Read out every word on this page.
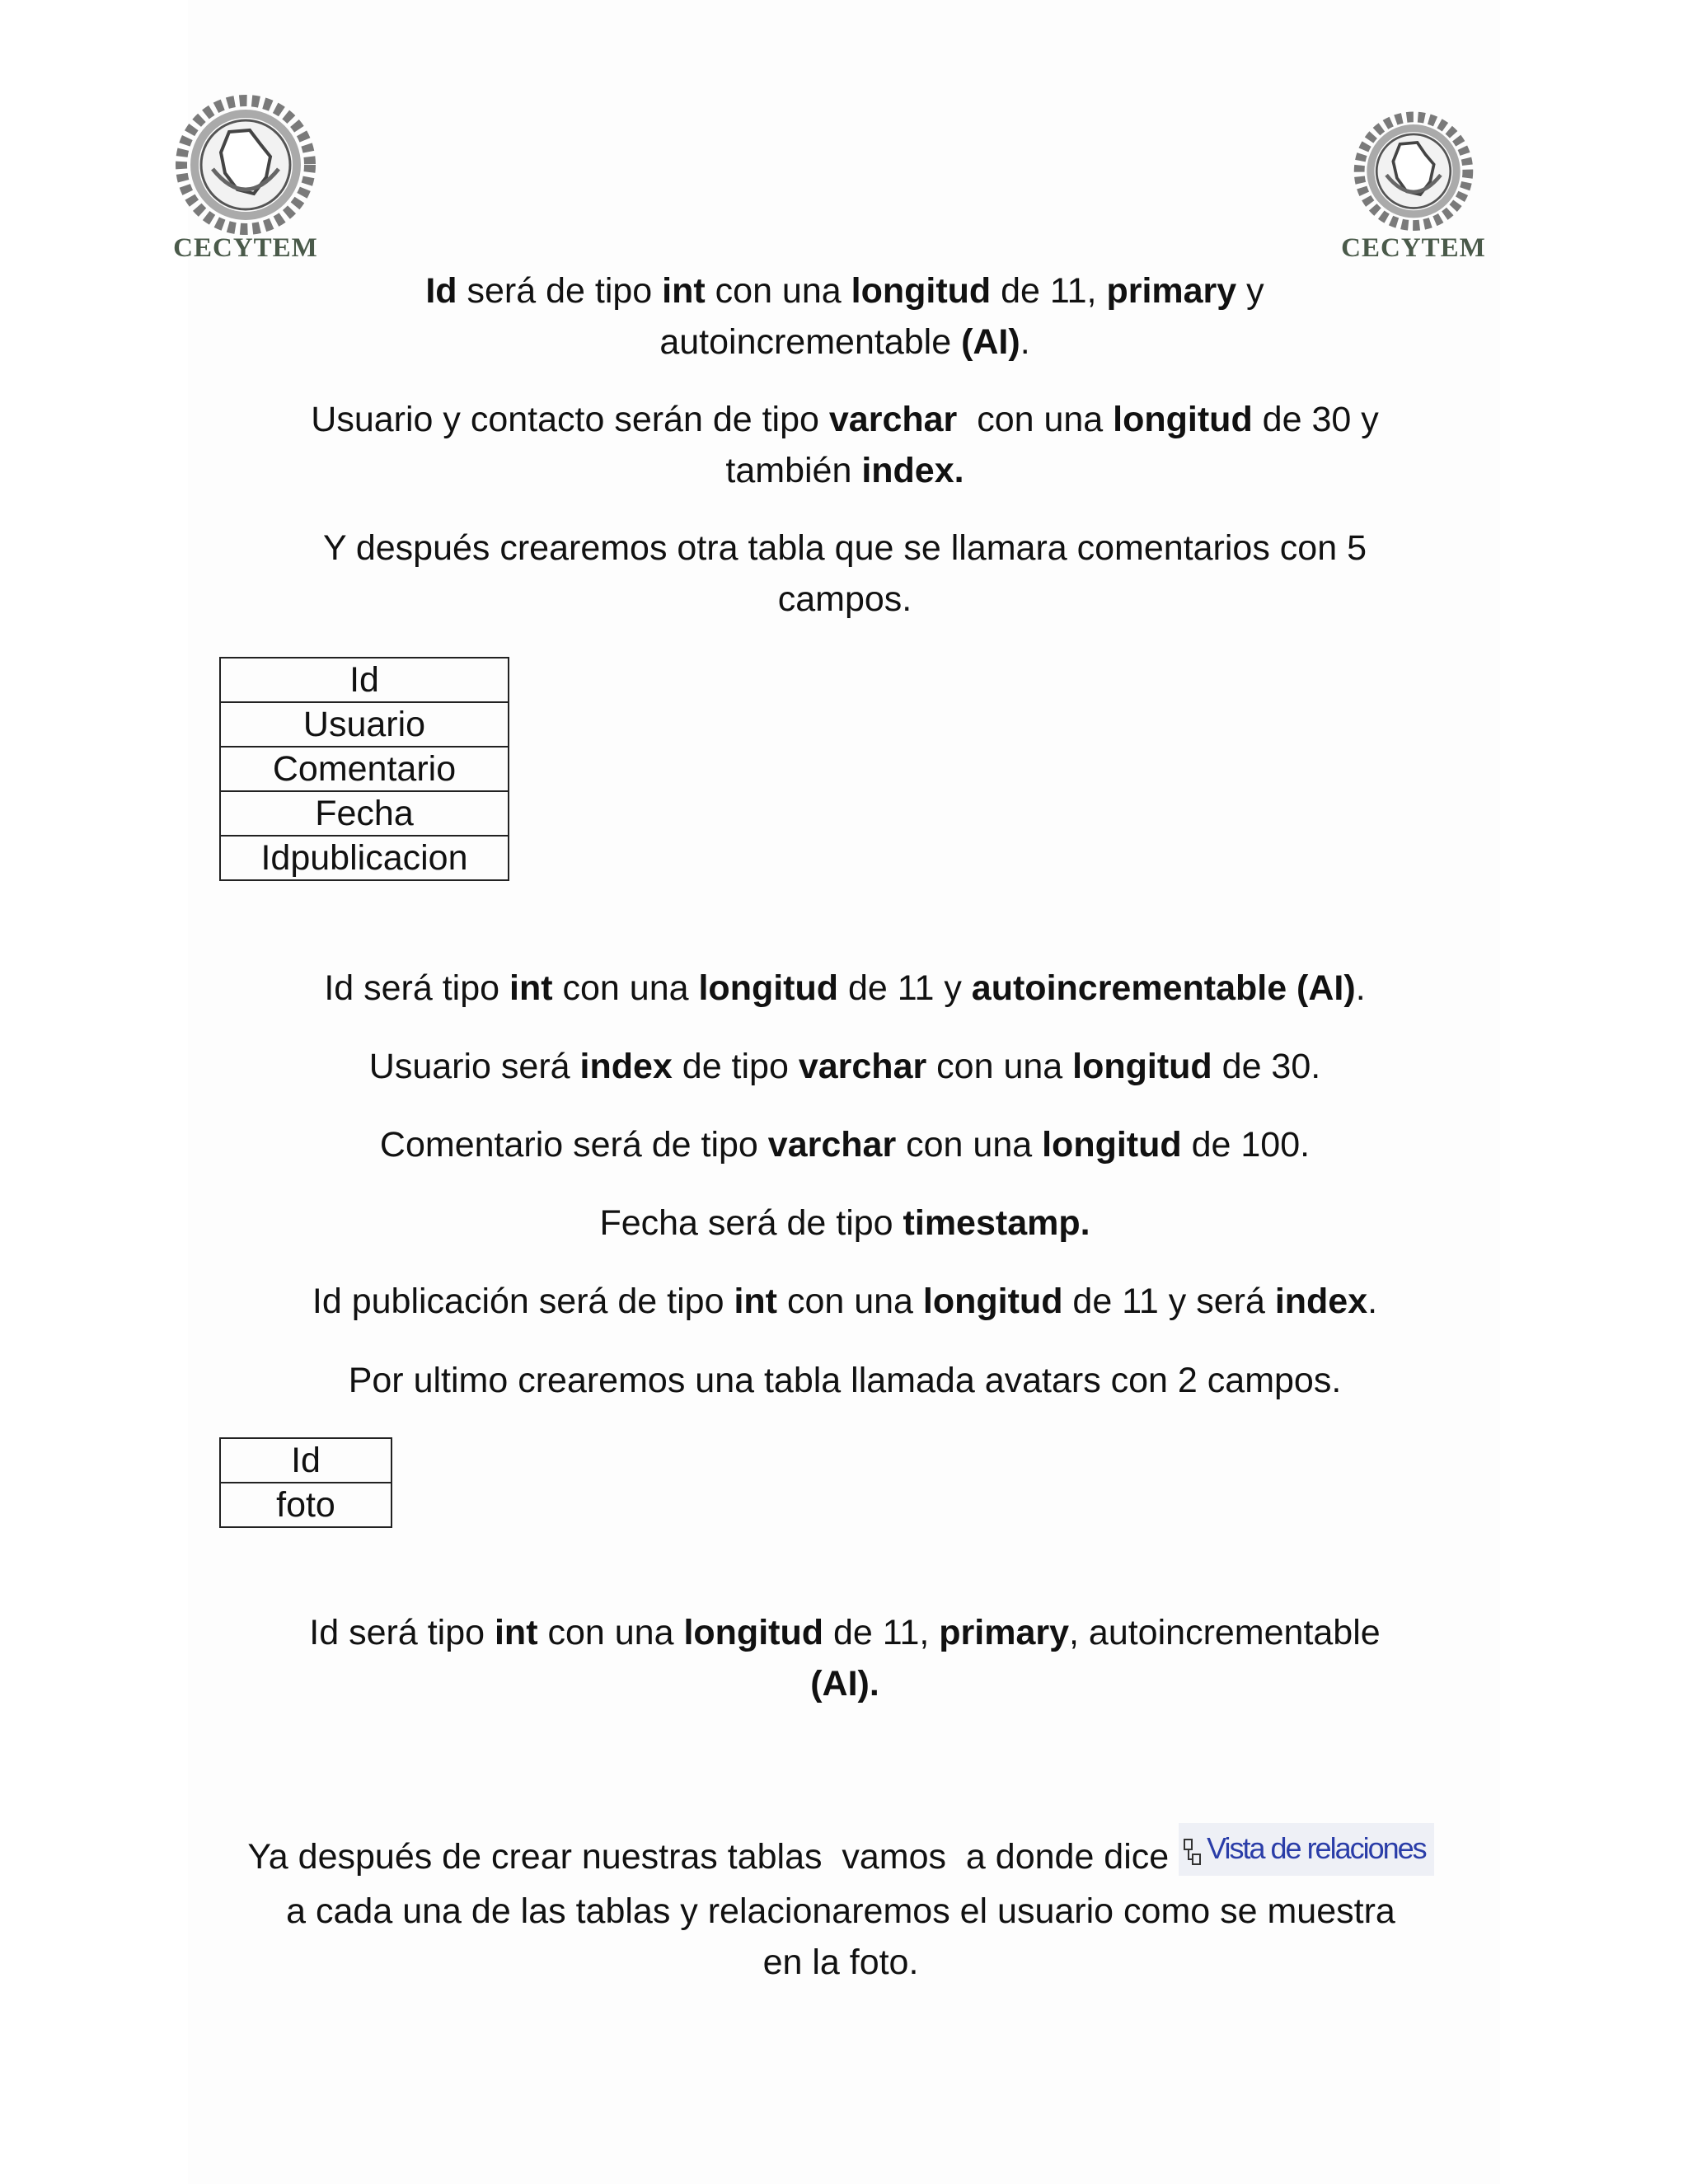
CECYTEM	CECYTEM
Id será de tipo int con una longitud de 11, primary y
autoincrementable (AI).
Usuario y contacto serán de tipo varchar  con una longitud de 30 y
también index.
Y después crearemos otra tabla que se llamara comentarios con 5
campos.
Id
Usuario
Comentario
Fecha
Idpublicacion
Id será tipo int con una longitud de 11 y autoincrementable (AI).
Usuario será index de tipo varchar con una longitud de 30.
Comentario será de tipo varchar con una longitud de 100.
Fecha será de tipo timestamp.
Id publicación será de tipo int con una longitud de 11 y será index.
Por ultimo crearemos una tabla llamada avatars con 2 campos.
Id
foto
Id será tipo int con una longitud de 11, primary, autoincrementable
(AI).
Ya después de crear nuestras tablas  vamos  a donde dice Vista de relaciones
a cada una de las tablas y relacionaremos el usuario como se muestra
en la foto.
